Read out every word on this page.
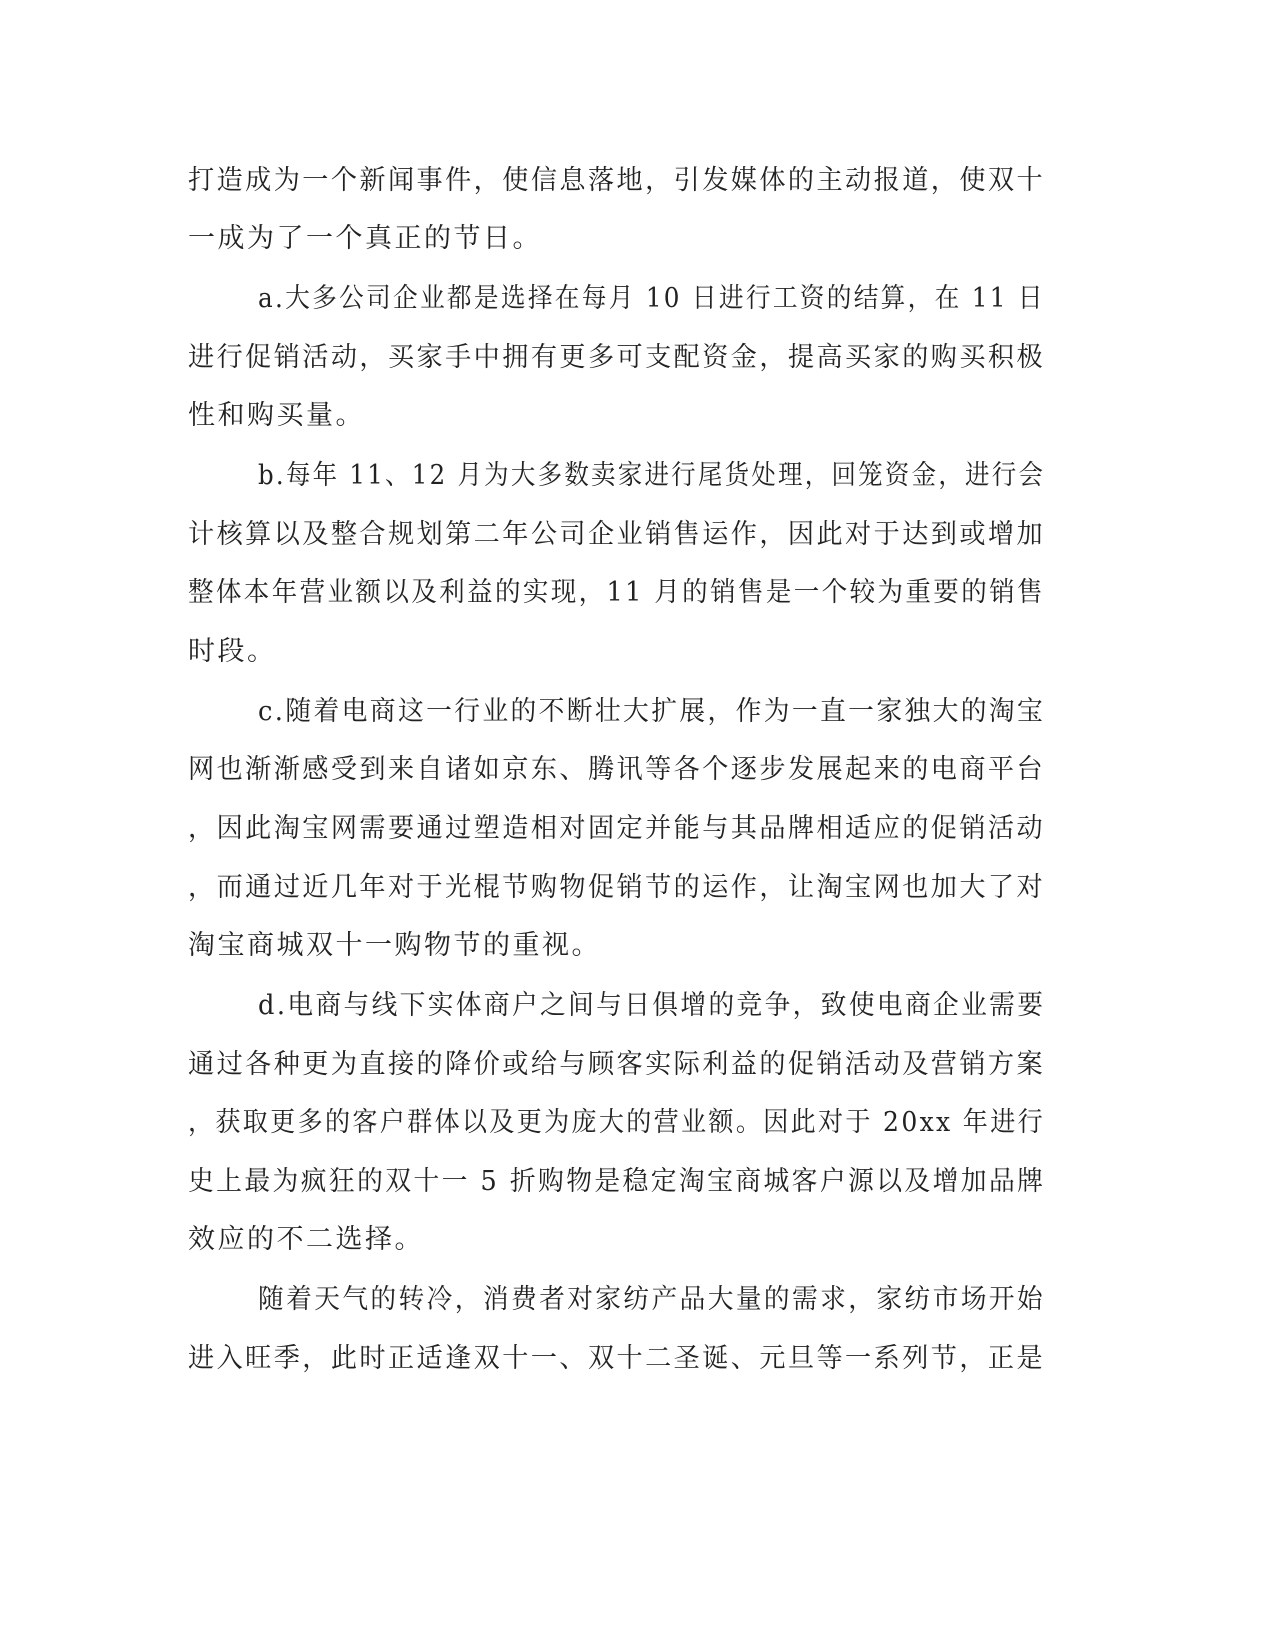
打造成为一个新闻事件，使信息落地，引发媒体的主动报道，使双十
一成为了一个真正的节日。
a.大多公司企业都是选择在每月 10 日进行工资的结算，在 11 日
进行促销活动，买家手中拥有更多可支配资金，提高买家的购买积极
性和购买量。
b.每年 11、12 月为大多数卖家进行尾货处理，回笼资金，进行会
计核算以及整合规划第二年公司企业销售运作，因此对于达到或增加
整体本年营业额以及利益的实现，11 月的销售是一个较为重要的销售
时段。
c.随着电商这一行业的不断壮大扩展，作为一直一家独大的淘宝
网也渐渐感受到来自诸如京东、腾讯等各个逐步发展起来的电商平台
，因此淘宝网需要通过塑造相对固定并能与其品牌相适应的促销活动
，而通过近几年对于光棍节购物促销节的运作，让淘宝网也加大了对
淘宝商城双十一购物节的重视。
d.电商与线下实体商户之间与日俱增的竞争，致使电商企业需要
通过各种更为直接的降价或给与顾客实际利益的促销活动及营销方案
，获取更多的客户群体以及更为庞大的营业额。因此对于 20xx 年进行
史上最为疯狂的双十一 5 折购物是稳定淘宝商城客户源以及增加品牌
效应的不二选择。
随着天气的转冷，消费者对家纺产品大量的需求，家纺市场开始
进入旺季，此时正适逢双十一、双十二圣诞、元旦等一系列节，正是
